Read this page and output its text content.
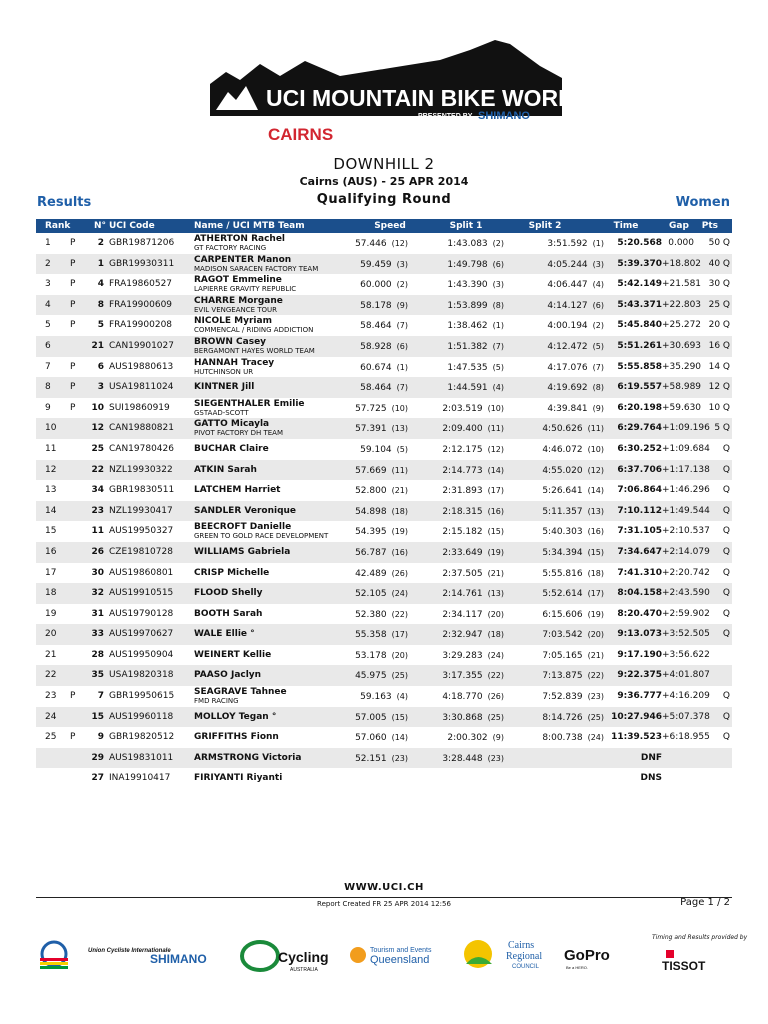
UCI MOUNTAIN BIKE WORLD CUP
PRESENTED BY SHIMANO
CAIRNS
DOWNHILL 2
Cairns (AUS) - 25 APR 2014
Qualifying Round
Results	Women
Rank	N° UCI Code	Name / UCI MTB Team	Speed	Split 1	Split 2	Time	Gap	Pts
1 P	2 GBR19871206 ATHERTON Rachel
GT FACTORY RACING	57.446 (12)	1:43.083 (2)	3:51.592 (1)	5:20.568 0.000	50 Q
2 P	1 GBR19930311 CARPENTER Manon
MADISON SARACEN FACTORY TEAM	59.459 (3)	1:49.798 (6)	4:05.244 (3)	5:39.370 +18.802 40 Q
3 P	4 FRA19860527 RAGOT Emmeline
LAPIERRE GRAVITY REPUBLIC	60.000 (2)	1:43.390 (3)	4:06.447 (4)	5:42.149 +21.581 30 Q
4 P	8 FRA19900609 CHARRE Morgane
EVIL VENGEANCE TOUR	58.178 (9)	1:53.899 (8)	4:14.127 (6)	5:43.371 +22.803 25 Q
5 P	5 FRA19900208 NICOLE Myriam
COMMENCAL / RIDING ADDICTION	58.464 (7)	1:38.462 (1)	4:00.194 (2)	5:45.840 +25.272 20 Q
6	21 CAN19901027 BROWN Casey
BERGAMONT HAYES WORLD TEAM	58.928 (6)	1:51.382 (7)	4:12.472 (5)	5:51.261 +30.693 16 Q
7 P	6 AUS19880613 HANNAH Tracey
HUTCHINSON UR	60.674 (1)	1:47.535 (5)	4:17.076 (7)	5:55.858 +35.290 14 Q
8 P	3 USA19811024 KINTNER Jill	58.464 (7)	1:44.591 (4)	4:19.692 (8)	6:19.557 +58.989 12 Q
9 P	10 SUI19860919	SIEGENTHALER Emilie
GSTAAD-SCOTT	57.725 (10)	2:03.519 (10)	4:39.841 (9)	6:20.198 +59.630 10 Q
10	12 CAN19880821 GATTO Micayla
PIVOT FACTORY DH TEAM	57.391 (13)	2:09.400 (11)	4:50.626 (11)	6:29.764 +1:09.196 5 Q
11	25 CAN19780426 BUCHAR Claire	59.104 (5)	2:12.175 (12)	4:46.072 (10)	6:30.252 +1:09.684	Q
12	22 NZL19930322 ATKIN Sarah	57.669 (11)	2:14.773 (14)	4:55.020 (12)	6:37.706 +1:17.138	Q
13	34 GBR19830511 LATCHEM Harriet	52.800 (21)	2:31.893 (17)	5:26.641 (14)	7:06.864 +1:46.296	Q
14	23 NZL19930417 SANDLER Veronique	54.898 (18)	2:18.315 (16)	5:11.357 (13)	7:10.112 +1:49.544	Q
15	11 AUS19950327 BEECROFT Danielle
GREEN TO GOLD RACE DEVELOPMENT	54.395 (19)	2:15.182 (15)	5:40.303 (16)	7:31.105 +2:10.537	Q
16	26 CZE19810728 WILLIAMS Gabriela	56.787 (16)	2:33.649 (19)	5:34.394 (15)	7:34.647 +2:14.079	Q
17	30 AUS19860801 CRISP Michelle	42.489 (26)	2:37.505 (21)	5:55.816 (18)	7:41.310 +2:20.742	Q
18	32 AUS19910515 FLOOD Shelly	52.105 (24)	2:14.761 (13)	5:52.614 (17)	8:04.158 +2:43.590	Q
19	31 AUS19790128 BOOTH Sarah	52.380 (22)	2:34.117 (20)	6:15.606 (19)	8:20.470 +2:59.902	Q
20	33 AUS19970627 WALE Ellie °	55.358 (17)	2:32.947 (18)	7:03.542 (20)	9:13.073 +3:52.505	Q
21	28 AUS19950904 WEINERT Kellie	53.178 (20)	3:29.283 (24)	7:05.165 (21)	9:17.190 +3:56.622
22	35 USA19820318 PAASO Jaclyn	45.975 (25)	3:17.355 (22)	7:13.875 (22)	9:22.375 +4:01.807
23 P	7 GBR19950615 SEAGRAVE Tahnee
FMD RACING	59.163 (4)	4:18.770 (26)	7:52.839 (23)	9:36.777 +4:16.209	Q
24	15 AUS19960118 MOLLOY Tegan °	57.005 (15)	3:30.868 (25)	8:14.726 (25) 10:27.946 +5:07.378	Q
25 P	9 GBR19820512 GRIFFITHS Fionn	57.060 (14)	2:00.302 (9)	8:00.738 (24) 11:39.523 +6:18.955	Q
29 AUS19831011 ARMSTRONG Victoria	52.151 (23)	3:28.448 (23)	DNF
27 INA19910417	FIRIYANTI Riyanti	DNS
WWW.UCI.CH
Report Created FR 25 APR 2014 12:56	Page 1 / 2
Union Cycliste Internationale
SHIMANO	Cycling
AUSTRALIA
Tourism and Events
Queensland
Cairns
Regional
COUNCIL
GoPro
Be a HERO.	TISSOT
Timing and Results provided by
